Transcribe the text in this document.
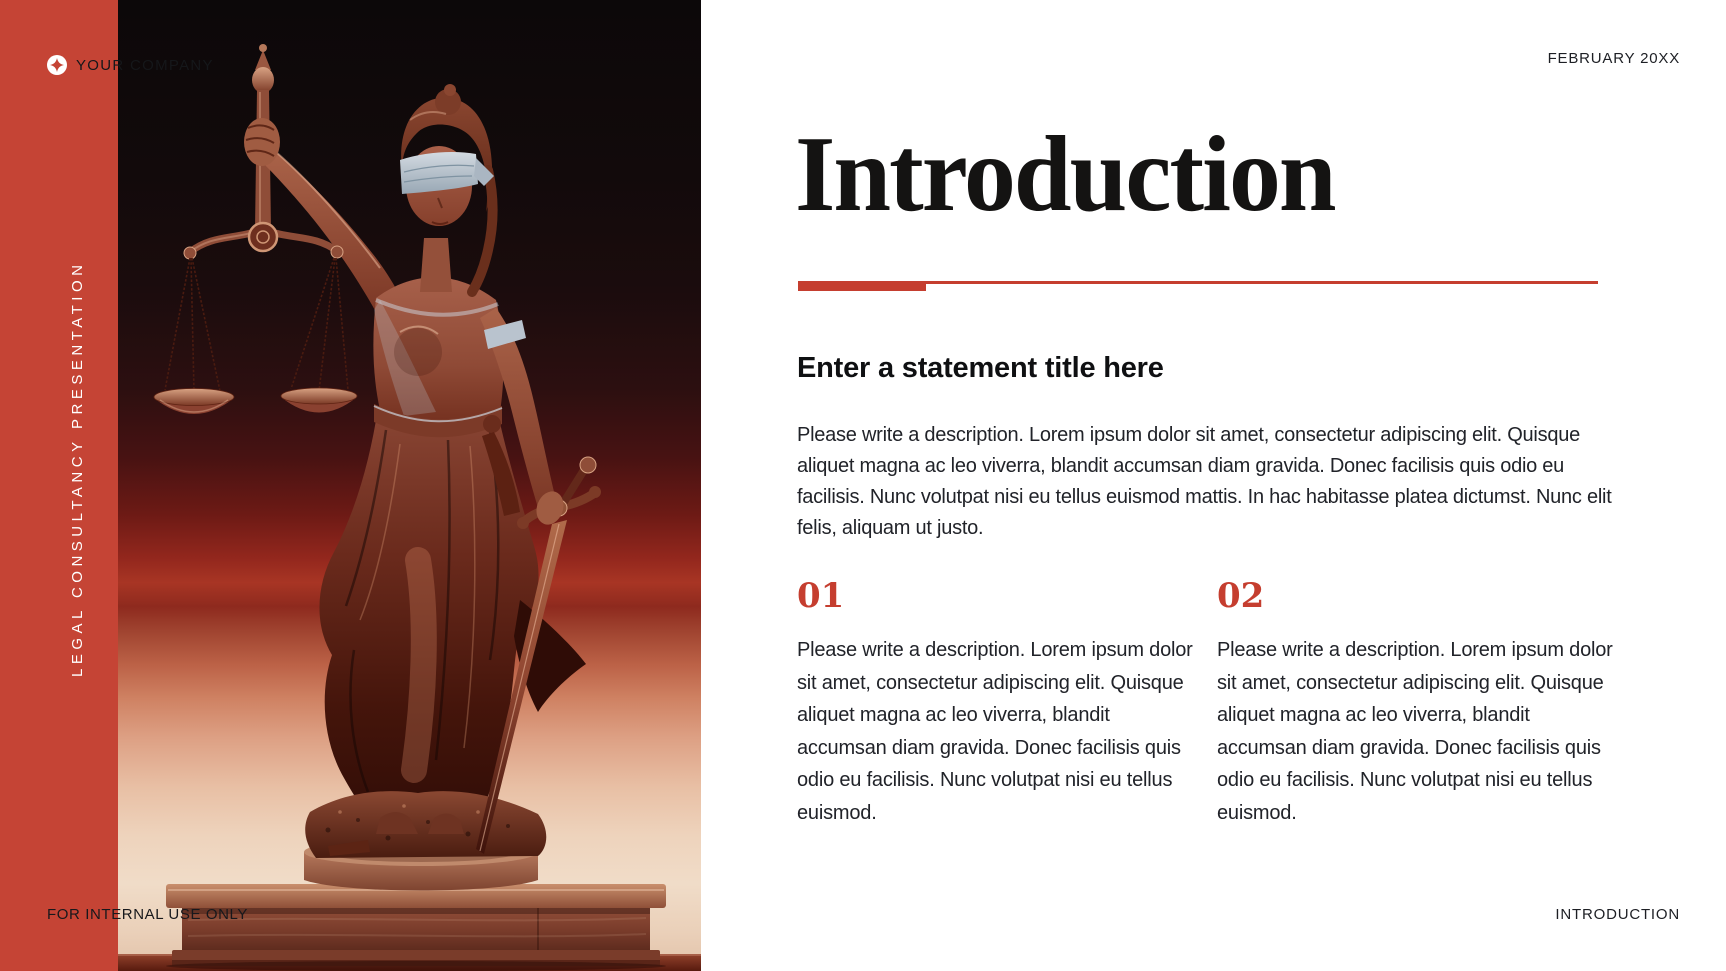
YOUR COMPANY	FEBRUARY 20XX
LEGAL CONSULTANCY PRESENTATION
FOR INTERNAL USE ONLY	INTRODUCTION
Introduction
Enter a statement title here

Please write a description. Lorem ipsum dolor sit amet, consectetur adipiscing elit. Quisque aliquet magna ac leo viverra, blandit accumsan diam gravida. Donec facilisis quis odio eu facilisis. Nunc volutpat nisi eu tellus euismod mattis. In hac habitasse platea dictumst. Nunc elit felis, aliquam ut justo.

01

Please write a description. Lorem ipsum dolor sit amet, consectetur adipiscing elit. Quisque aliquet magna ac leo viverra, blandit accumsan diam gravida. Donec facilisis quis odio eu facilisis. Nunc volutpat nisi eu tellus euismod.

02

Please write a description. Lorem ipsum dolor sit amet, consectetur adipiscing elit. Quisque aliquet magna ac leo viverra, blandit accumsan diam gravida. Donec facilisis quis odio eu facilisis. Nunc volutpat nisi eu tellus euismod.
